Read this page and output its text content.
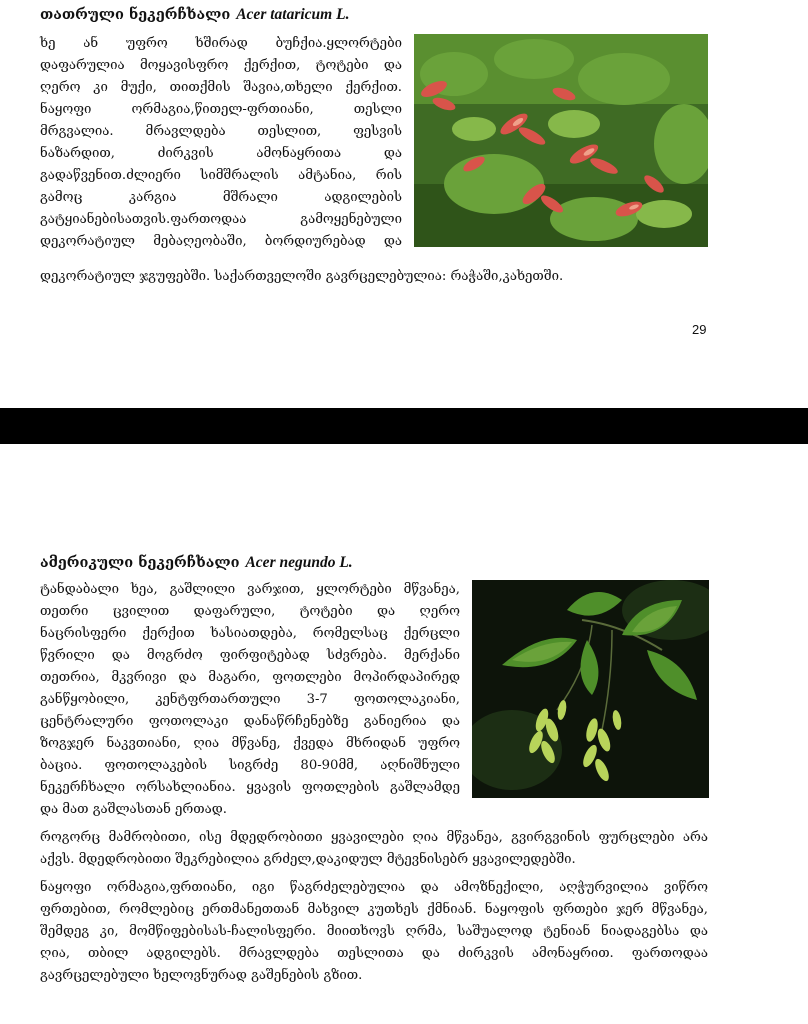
თათრული ნეკერჩხალი Acer tataricum L.
ხე ან უფრო ხშირად ბუჩქია.ყლორტები
დაფარულია მოყავისფრო ქერქით, ტოტები და
ღერო კი მუქი, თითქმის შავია,თხელი ქერქით.
ნაყოფი ორმაგია,წითელ-ფრთიანი, თესლი
მრგვალია. მრავლდება თესლით, ფესვის
ნაზარდით, ძირკვის ამონაყრითა და
გადაწვენით.ძლიერი სიმშრალის ამტანია, რის
გამოც კარგია მშრალი ადგილების
გატყიანებისათვის.ფართოდაა გამოყენებული
დეკორატიულ მებაღეობაში, ბორდიურებად და
დეკორატიულ ჯგუფებში. საქართველოში გავრცელებულია: რაჭაში,კახეთში.
29
ამერიკული ნეკერჩხალი Acer negundo L.
ტანდაბალი ხეა, გაშლილი ვარჯით, ყლორტები მწვანეა,
თეთრი ცვილით დაფარული, ტოტები და ღერო
ნაცრისფერი ქერქით ხასიათდება, რომელსაც ქერცლი
წვრილი და მოგრძო ფირფიტებად სძვრება. მერქანი
თეთრია, მკვრივი და მაგარი, ფოთლები მოპირდაპირედ
განწყობილი, კენტფრთართული 3-7 ფოთოლაკიანი,
ცენტრალური ფოთოლაკი დანაწრჩენებზე განიერია და
ზოგჯერ ნაკვთიანი, ღია მწვანე, ქვედა მხრიდან უფრო
ბაცია. ფოთოლაკების სიგრძე 80-90მმ, აღნიშნული
ნეკერჩხალი ორსახლიანია. ყვავის ფოთლების გაშლამდე
და მათ გაშლასთან ერთად.
როგორც მამრობითი, ისე მდედრობითი ყვავილები ღია მწვანეა, გვირგვინის ფურცლები არა
აქვს. მდედრობითი შეკრებილია გრძელ,დაკიდულ მტევნისებრ ყვავილედებში.
ნაყოფი ორმაგია,ფრთიანი, იგი წაგრძელებულია და ამოზნექილი, აღჭურვილია ვიწრო
ფრთებით, რომლებიც ერთმანეთთან მახვილ კუთხეს ქმნიან. ნაყოფის ფრთები ჯერ მწვანეა,
შემდეგ კი, მომწიფებისას-ჩალისფერი. მიითხოვს ღრმა, საშუალოდ ტენიან ნიადაგებსა და
ღია, თბილ ადგილებს. მრავლდება თესლითა და ძირკვის ამონაყრით. ფართოდაა
გავრცელებული ხელოვნურად გაშენების გზით.
